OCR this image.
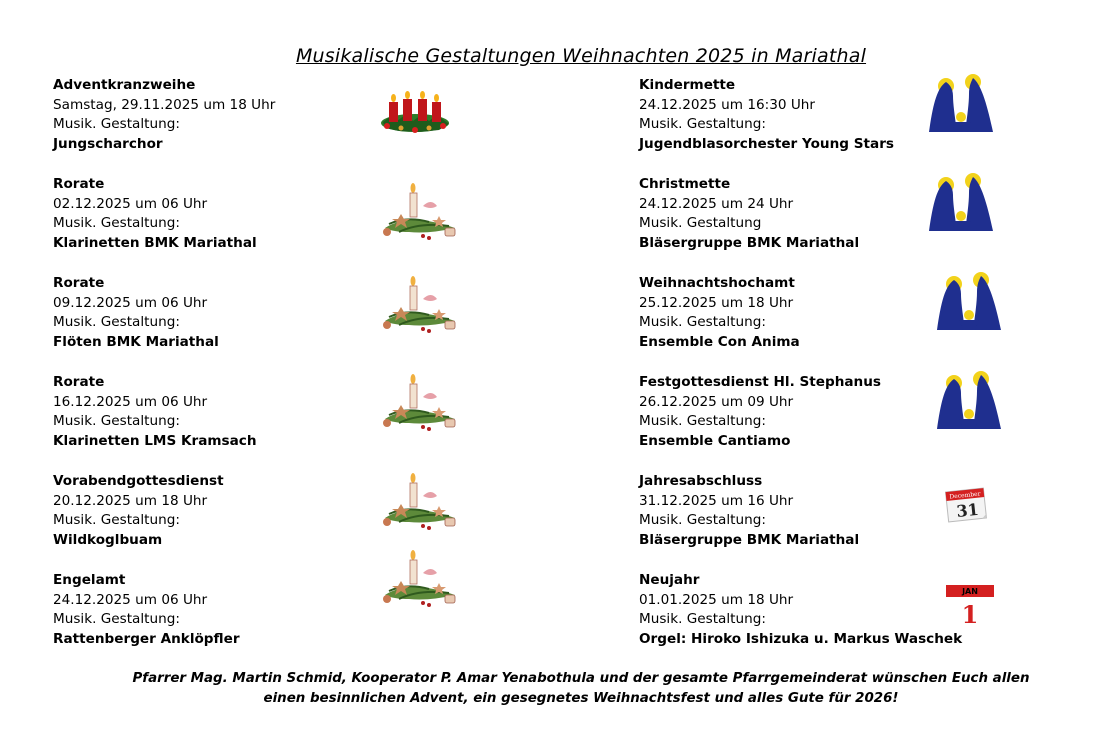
Musikalische Gestaltungen Weihnachten 2025 in Mariathal
Adventkranzweihe
Samstag, 29.11.2025 um 18 Uhr
Musik. Gestaltung:
Jungscharchor
Rorate
02.12.2025 um 06 Uhr
Musik. Gestaltung:
Klarinetten BMK Mariathal
Rorate
09.12.2025 um 06 Uhr
Musik. Gestaltung:
Flöten BMK Mariathal
Rorate
16.12.2025 um 06 Uhr
Musik. Gestaltung:
Klarinetten LMS Kramsach
Vorabendgottesdienst
20.12.2025 um 18 Uhr
Musik. Gestaltung:
Wildkoglbuam
Engelamt
24.12.2025 um 06 Uhr
Musik. Gestaltung:
Rattenberger Anklöpfler
Kindermette
24.12.2025 um 16:30 Uhr
Musik. Gestaltung:
Jugendblasorchester Young Stars
Christmette
24.12.2025 um 24 Uhr
Musik. Gestaltung
Bläsergruppe BMK Mariathal
Weihnachtshochamt
25.12.2025 um 18 Uhr
Musik. Gestaltung:
Ensemble Con Anima
Festgottesdienst Hl. Stephanus
26.12.2025 um 09 Uhr
Musik. Gestaltung:
Ensemble Cantiamo
Jahresabschluss
31.12.2025 um 16 Uhr
Musik. Gestaltung:
Bläsergruppe BMK Mariathal
December
31
Neujahr
01.01.2025 um 18 Uhr
Musik. Gestaltung:
Orgel: Hiroko Ishizuka u. Markus Waschek
JAN
1
Pfarrer Mag. Martin Schmid, Kooperator P. Amar Yenabothula und der gesamte Pfarrgemeinderat wünschen Euch allen
einen besinnlichen Advent, ein gesegnetes Weihnachtsfest und alles Gute für 2026!
